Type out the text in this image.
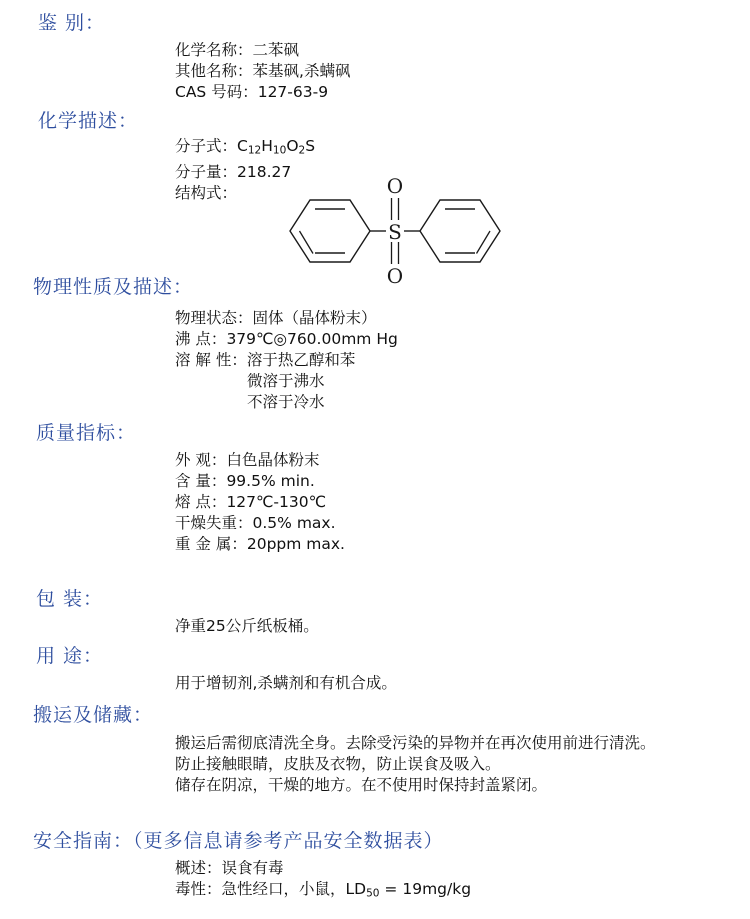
鉴 别：
化学名称：二苯砜
其他名称：苯基砜,杀螨砜
CAS 号码：127-63-9
化学描述：
分子式：$C_{12}H_{10}O_2S$
分子量：218.27
结构式：	O
S
O
物理性质及描述：
物理状态：固体（晶体粉末）
沸 点：379℃◎760.00mm Hg
溶 解 性：溶于热乙醇和苯
微溶于沸水
不溶于冷水
质量指标：
外 观：白色晶体粉末
含 量：99.5% min.
熔 点：127℃-130℃
干燥失重：0.5% max.
重 金 属：20ppm max.
包 装：
净重25公斤纸板桶。
用 途：
用于增韧剂,杀螨剂和有机合成。
搬运及储藏：
搬运后需彻底清洗全身。去除受污染的异物并在再次使用前进行清洗。
防止接触眼睛，皮肤及衣物，防止误食及吸入。
储存在阴凉，干燥的地方。在不使用时保持封盖紧闭。
安全指南：（更多信息请参考产品安全数据表）
概述：误食有毒
毒性：急性经口，小鼠，$LD_{50} = 19mg/kg$
